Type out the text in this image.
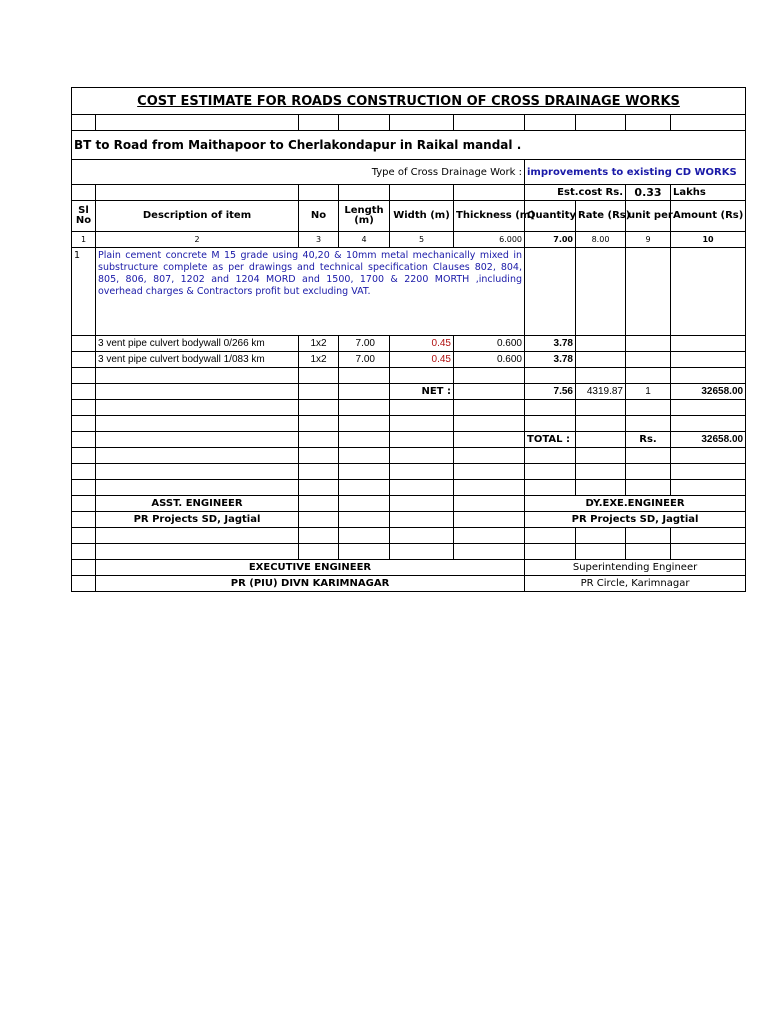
COST ESTIMATE FOR ROADS CONSTRUCTION OF CROSS DRAINAGE WORKS									

BT to Road from Maithapoor to Cherlakondapur in Raikal mandal .									
Type of Cross Drainage Work :						improvements to existing CD WORKS			
						Est.cost Rs.		0.33	Lakhs
Sl No	Description of item	No	Length (m)	Width (m)	Thickness (m)	Quantity	Rate (Rs)	unit per	Amount (Rs)
1	2	3	4	5	6.000	7.00	8.00	9	10
1	Plain cement concrete M 15 grade using 40,20 & 10mm metal mechanically mixed in substructure complete as per drawings and technical specification Clauses 802, 804, 805, 806, 807, 1202 and 1204 MORD and 1500, 1700 & 2200 MORTH ,including overhead charges & Contractors profit but excluding VAT.								
	3 vent pipe culvert bodywall 0/266 km	1x2	7.00	0.45	0.600	3.78			
	3 vent pipe culvert bodywall 1/083 km	1x2	7.00	0.45	0.600	3.78			

				NET :		7.56	4319.87	1	32658.00

						TOTAL :		Rs.	32658.00

	ASST. ENGINEER					DY.EXE.ENGINEER			
	PR Projects SD, Jagtial					PR Projects SD, Jagtial			

	EXECUTIVE ENGINEER					Superintending Engineer			
	PR (PIU) DIVN KARIMNAGAR					PR Circle, Karimnagar			
